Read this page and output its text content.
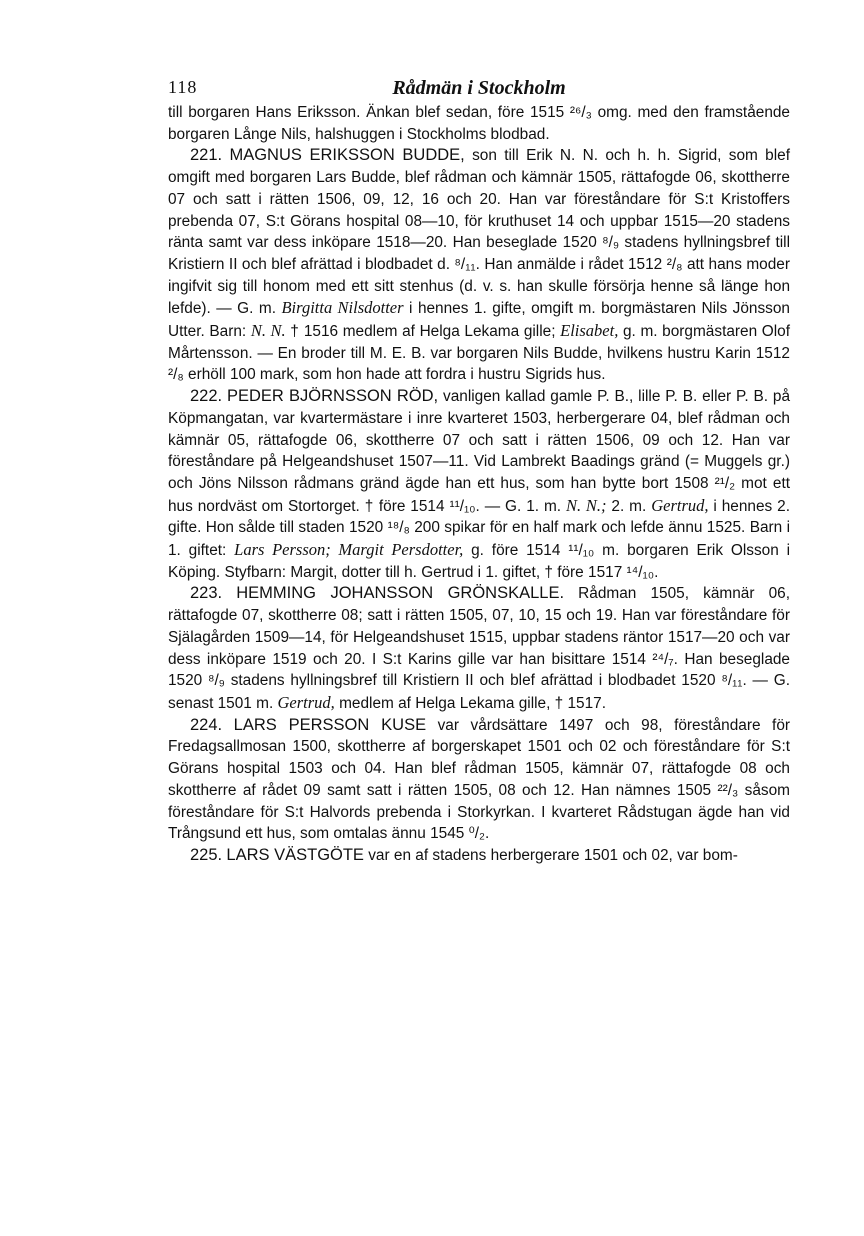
118	Rådmän i Stockholm

till borgaren Hans Eriksson. Änkan blef sedan, före 1515 ²⁶/₃ omg. med den framstående borgaren Långe Nils, halshuggen i Stockholms blodbad.

221. MAGNUS ERIKSSON BUDDE, son till Erik N. N. och h. h. Sigrid, som blef omgift med borgaren Lars Budde, blef rådman och kämnär 1505, rättafogde 06, skottherre 07 och satt i rätten 1506, 09, 12, 16 och 20. Han var föreståndare för S:t Kristoffers prebenda 07, S:t Görans hospital 08—10, för kruthuset 14 och uppbar 1515—20 stadens ränta samt var dess inköpare 1518—20. Han beseglade 1520 ⁸/₉ stadens hyllningsbref till Kristiern II och blef afrättad i blodbadet d. ⁸/₁₁. Han anmälde i rådet 1512 ²/₈ att hans moder ingifvit sig till honom med ett sitt stenhus (d. v. s. han skulle försörja henne så länge hon lefde). — G. m. Birgitta Nilsdotter i hennes 1. gifte, omgift m. borgmästaren Nils Jönsson Utter. Barn: N. N. † 1516 medlem af Helga Lekama gille; Elisabet, g. m. borgmästaren Olof Mårtensson. — En broder till M. E. B. var borgaren Nils Budde, hvilkens hustru Karin 1512 ²/₈ erhöll 100 mark, som hon hade att fordra i hustru Sigrids hus.

222. PEDER BJÖRNSSON RÖD, vanligen kallad gamle P. B., lille P. B. eller P. B. på Köpmangatan, var kvartermästare i inre kvarteret 1503, herbergerare 04, blef rådman och kämnär 05, rättafogde 06, skottherre 07 och satt i rätten 1506, 09 och 12. Han var föreståndare på Helgeandshuset 1507—11. Vid Lambrekt Baadings gränd (= Muggels gr.) och Jöns Nilsson rådmans gränd ägde han ett hus, som han bytte bort 1508 ²¹/₂ mot ett hus nordväst om Stortorget. † före 1514 ¹¹/₁₀. — G. 1. m. N. N.; 2. m. Gertrud, i hennes 2. gifte. Hon sålde till staden 1520 ¹⁸/₈ 200 spikar för en half mark och lefde ännu 1525. Barn i 1. giftet: Lars Persson; Margit Persdotter, g. före 1514 ¹¹/₁₀ m. borgaren Erik Olsson i Köping. Styfbarn: Margit, dotter till h. Gertrud i 1. giftet, † före 1517 ¹⁴/₁₀.

223. HEMMING JOHANSSON GRÖNSKALLE. Rådman 1505, kämnär 06, rättafogde 07, skottherre 08; satt i rätten 1505, 07, 10, 15 och 19. Han var föreståndare för Själagården 1509—14, för Helgeandshuset 1515, uppbar stadens räntor 1517—20 och var dess inköpare 1519 och 20. I S:t Karins gille var han bisittare 1514 ²⁴/₇. Han beseglade 1520 ⁸/₉ stadens hyllningsbref till Kristiern II och blef afrättad i blodbadet 1520 ⁸/₁₁. — G. senast 1501 m. Gertrud, medlem af Helga Lekama gille, † 1517.

224. LARS PERSSON KUSE var vårdsättare 1497 och 98, föreståndare för Fredagsallmosan 1500, skottherre af borgerskapet 1501 och 02 och föreståndare för S:t Görans hospital 1503 och 04. Han blef rådman 1505, kämnär 07, rättafogde 08 och skottherre af rådet 09 samt satt i rätten 1505, 08 och 12. Han nämnes 1505 ²²/₃ såsom föreståndare för S:t Halvords prebenda i Storkyrkan. I kvarteret Rådstugan ägde han vid Trångsund ett hus, som omtalas ännu 1545 ⁰/₂.

225. LARS VÄSTGÖTE var en af stadens herbergerare 1501 och 02, var bom-
